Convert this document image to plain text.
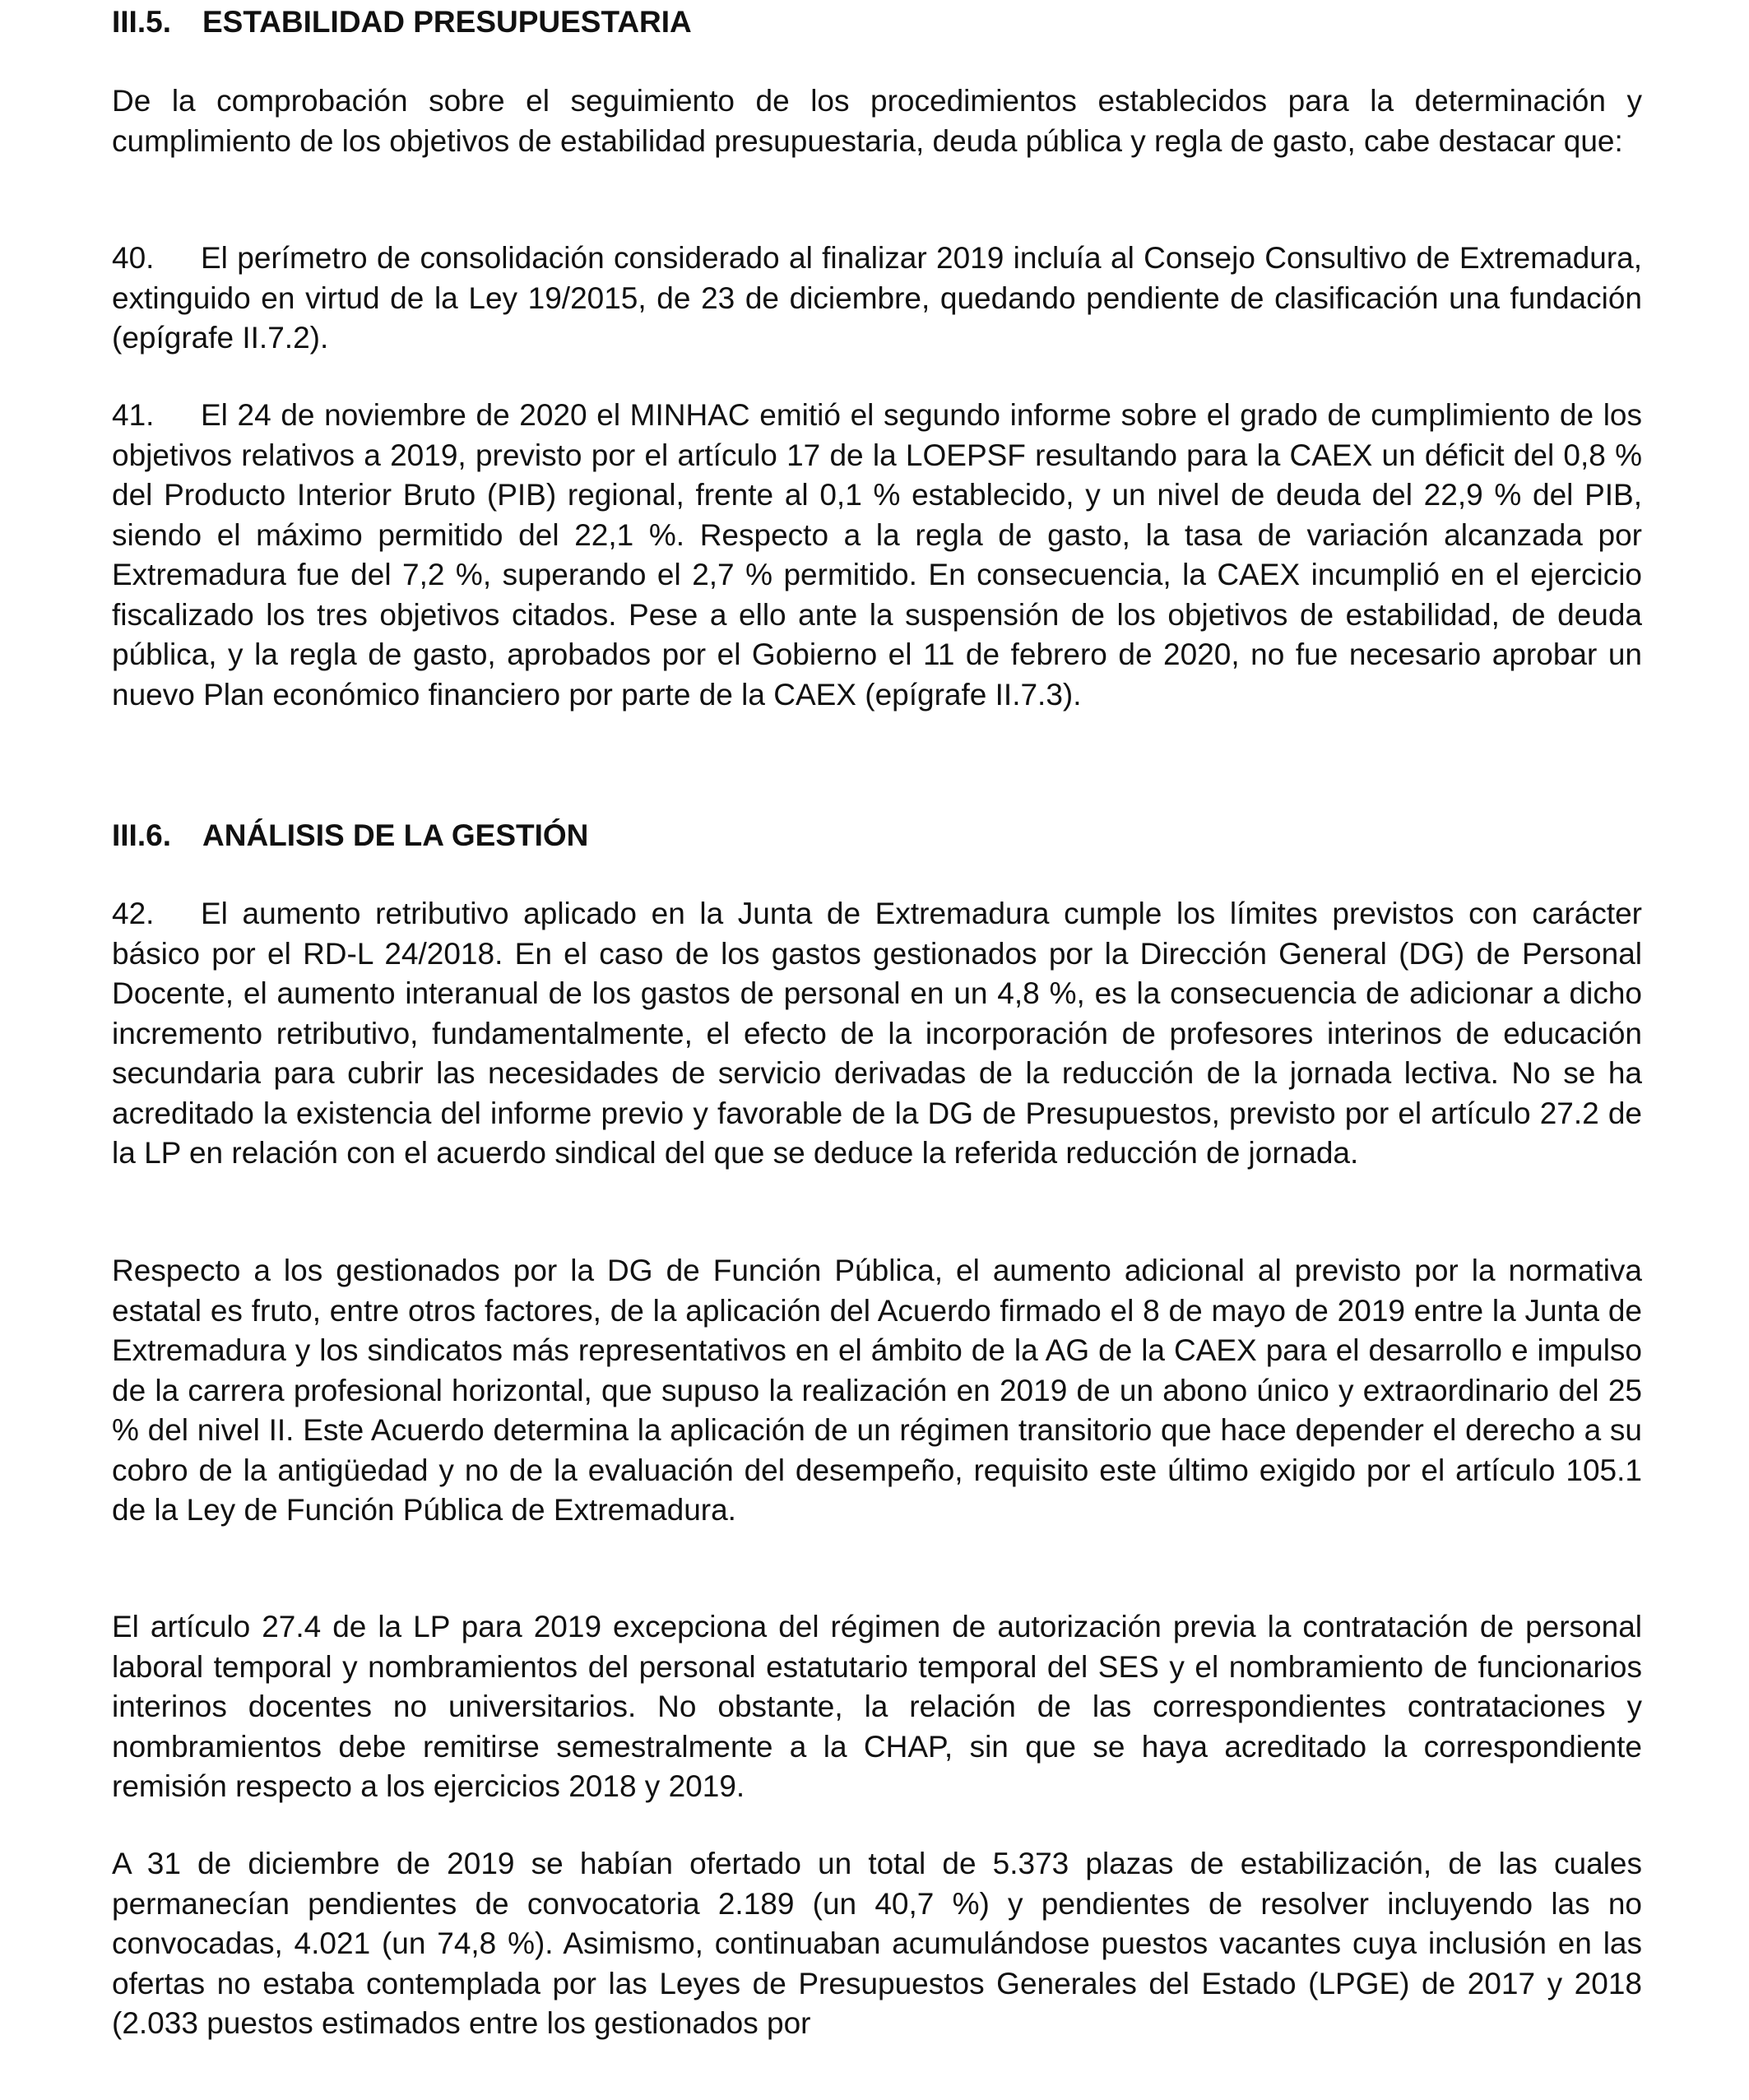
III.5. ESTABILIDAD PRESUPUESTARIA

De la comprobación sobre el seguimiento de los procedimientos establecidos para la determinación y cumplimiento de los objetivos de estabilidad presupuestaria, deuda pública y regla de gasto, cabe destacar que:

40. El perímetro de consolidación considerado al finalizar 2019 incluía al Consejo Consultivo de Extremadura, extinguido en virtud de la Ley 19/2015, de 23 de diciembre, quedando pendiente de clasificación una fundación (epígrafe II.7.2).

41. El 24 de noviembre de 2020 el MINHAC emitió el segundo informe sobre el grado de cumplimiento de los objetivos relativos a 2019, previsto por el artículo 17 de la LOEPSF resultando para la CAEX un déficit del 0,8 % del Producto Interior Bruto (PIB) regional, frente al 0,1 % establecido, y un nivel de deuda del 22,9 % del PIB, siendo el máximo permitido del 22,1 %. Respecto a la regla de gasto, la tasa de variación alcanzada por Extremadura fue del 7,2 %, superando el 2,7 % permitido. En consecuencia, la CAEX incumplió en el ejercicio fiscalizado los tres objetivos citados. Pese a ello ante la suspensión de los objetivos de estabilidad, de deuda pública, y la regla de gasto, aprobados por el Gobierno el 11 de febrero de 2020, no fue necesario aprobar un nuevo Plan económico financiero por parte de la CAEX (epígrafe II.7.3).

III.6. ANÁLISIS DE LA GESTIÓN

42. El aumento retributivo aplicado en la Junta de Extremadura cumple los límites previstos con carácter básico por el RD-L 24/2018. En el caso de los gastos gestionados por la Dirección General (DG) de Personal Docente, el aumento interanual de los gastos de personal en un 4,8 %, es la consecuencia de adicionar a dicho incremento retributivo, fundamentalmente, el efecto de la incorporación de profesores interinos de educación secundaria para cubrir las necesidades de servicio derivadas de la reducción de la jornada lectiva. No se ha acreditado la existencia del informe previo y favorable de la DG de Presupuestos, previsto por el artículo 27.2 de la LP en relación con el acuerdo sindical del que se deduce la referida reducción de jornada.

Respecto a los gestionados por la DG de Función Pública, el aumento adicional al previsto por la normativa estatal es fruto, entre otros factores, de la aplicación del Acuerdo firmado el 8 de mayo de 2019 entre la Junta de Extremadura y los sindicatos más representativos en el ámbito de la AG de la CAEX para el desarrollo e impulso de la carrera profesional horizontal, que supuso la realización en 2019 de un abono único y extraordinario del 25 % del nivel II. Este Acuerdo determina la aplicación de un régimen transitorio que hace depender el derecho a su cobro de la antigüedad y no de la evaluación del desempeño, requisito este último exigido por el artículo 105.1 de la Ley de Función Pública de Extremadura.

El artículo 27.4 de la LP para 2019 excepciona del régimen de autorización previa la contratación de personal laboral temporal y nombramientos del personal estatutario temporal del SES y el nombramiento de funcionarios interinos docentes no universitarios. No obstante, la relación de las correspondientes contrataciones y nombramientos debe remitirse semestralmente a la CHAP, sin que se haya acreditado la correspondiente remisión respecto a los ejercicios 2018 y 2019.

A 31 de diciembre de 2019 se habían ofertado un total de 5.373 plazas de estabilización, de las cuales permanecían pendientes de convocatoria 2.189 (un 40,7 %) y pendientes de resolver incluyendo las no convocadas, 4.021 (un 74,8 %). Asimismo, continuaban acumulándose puestos vacantes cuya inclusión en las ofertas no estaba contemplada por las Leyes de Presupuestos Generales del Estado (LPGE) de 2017 y 2018 (2.033 puestos estimados entre los gestionados por
